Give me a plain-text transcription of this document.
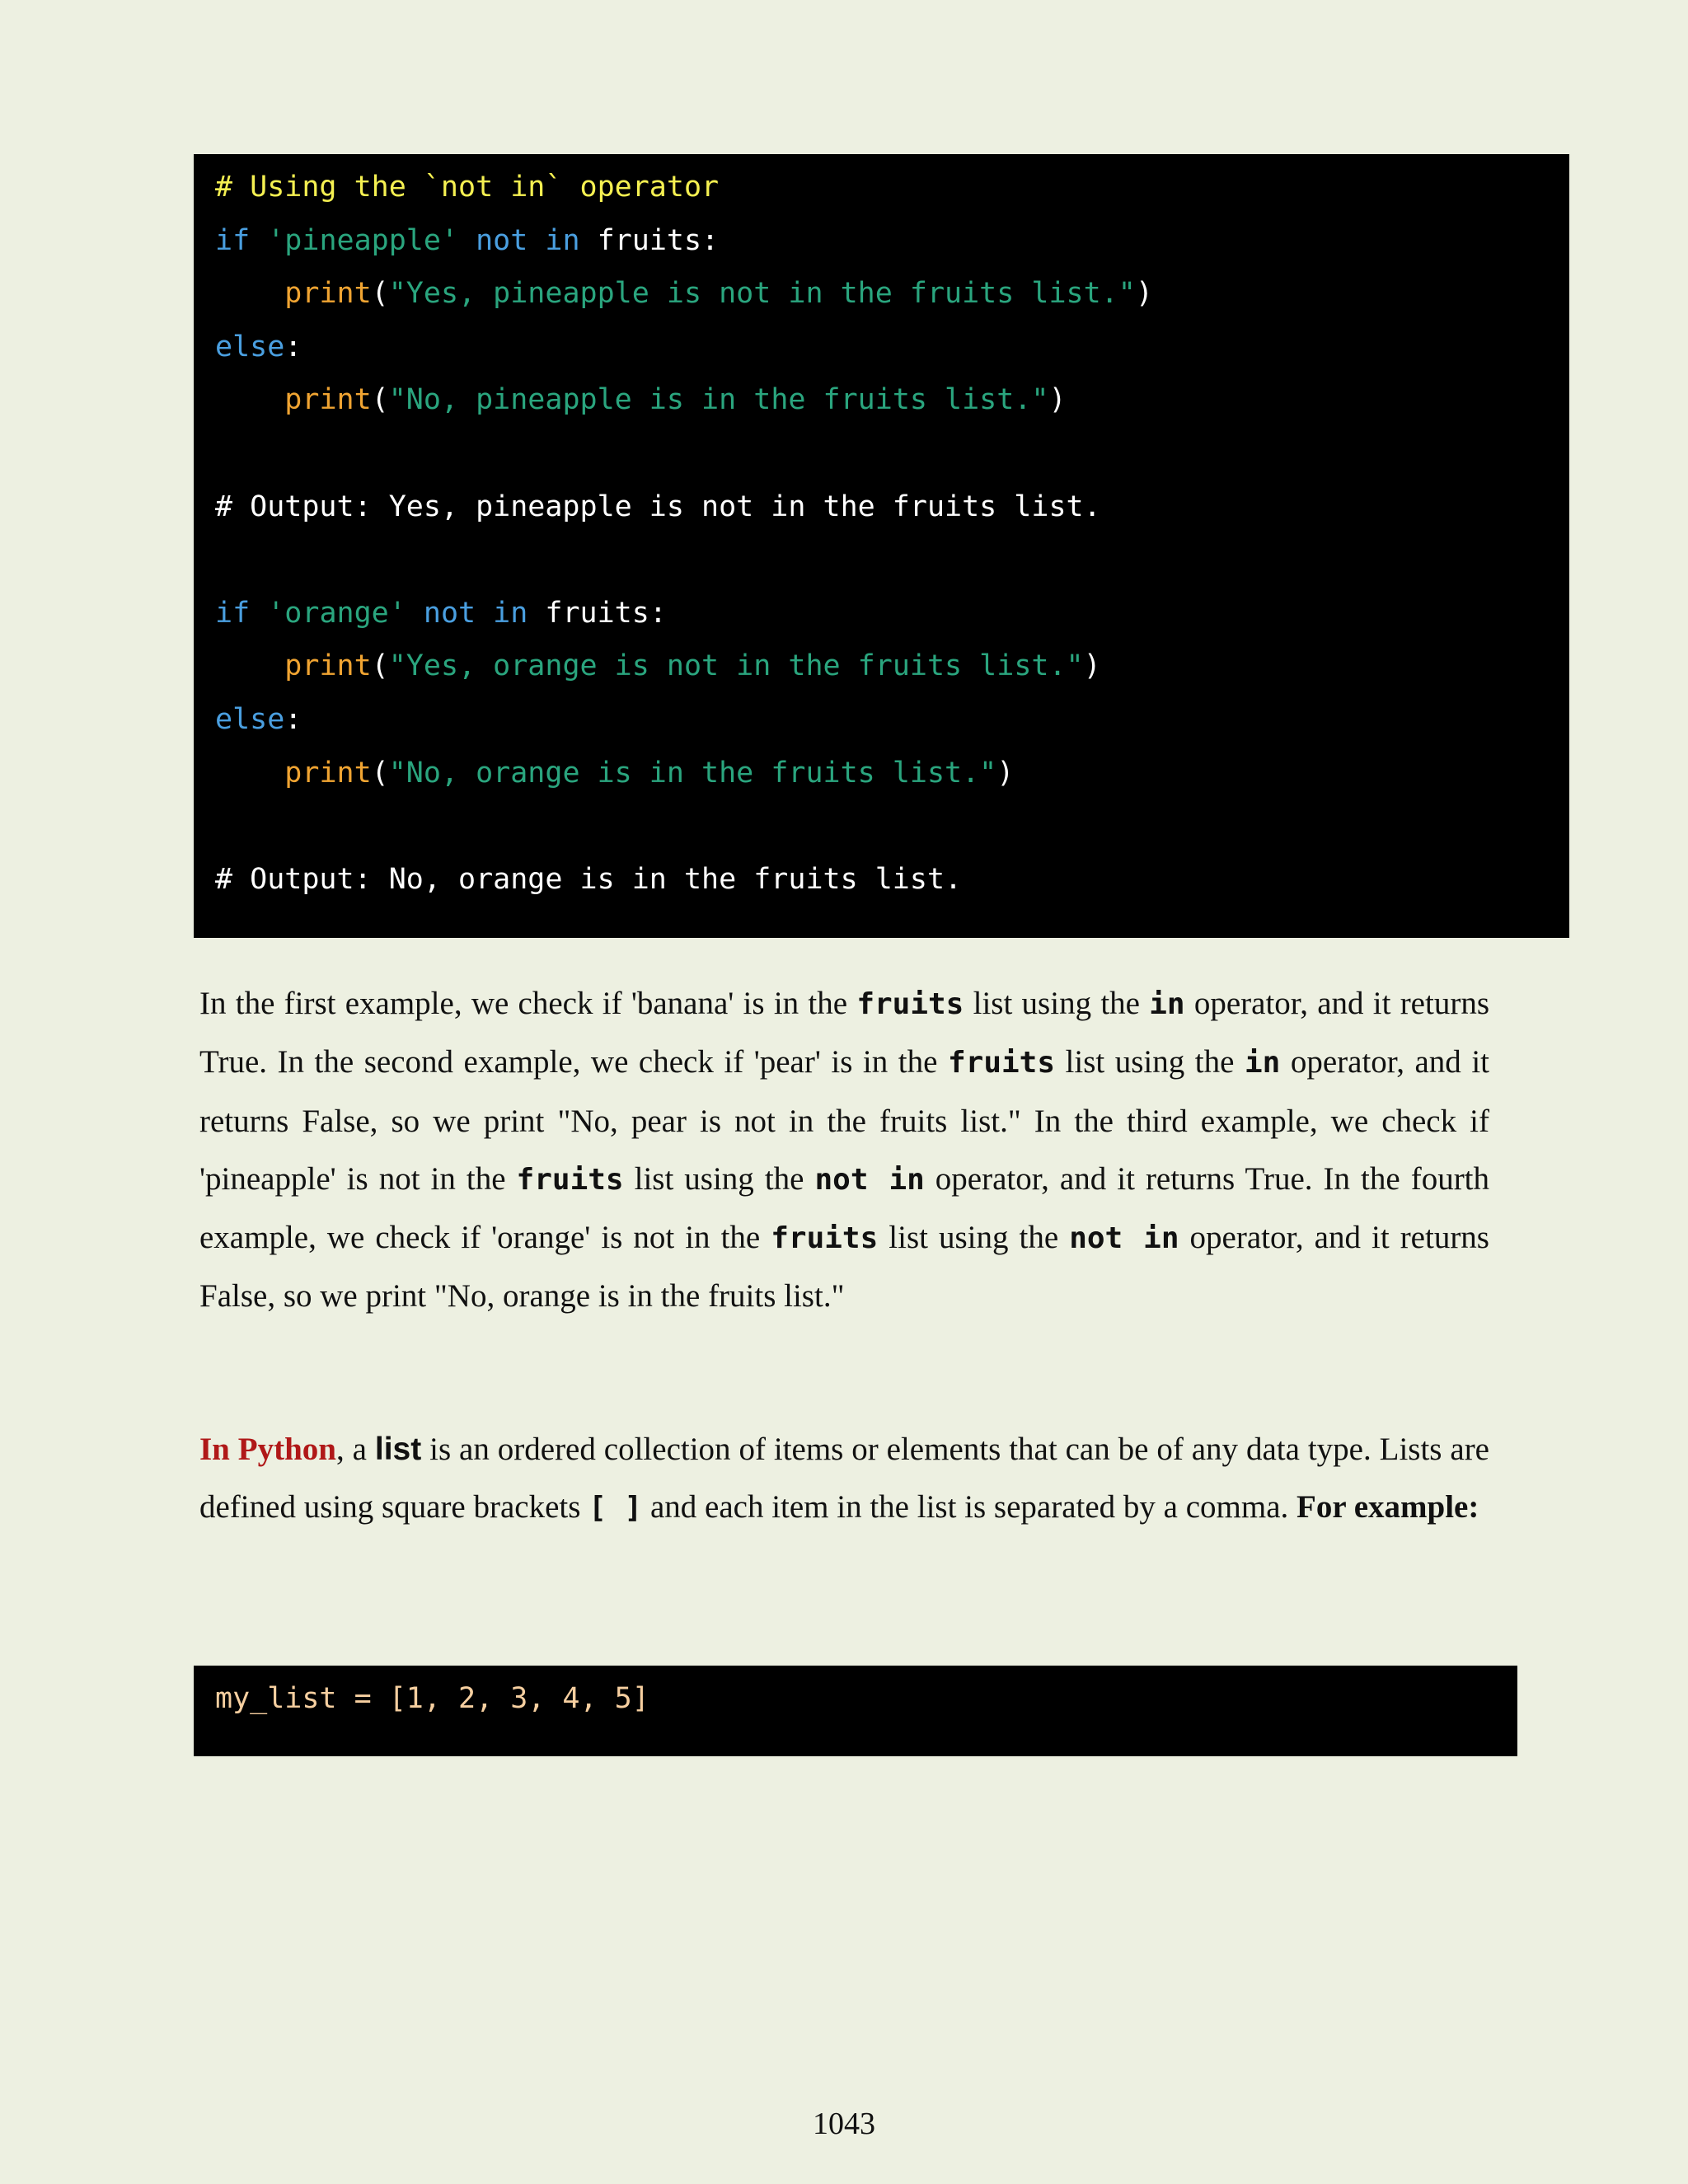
# Using the `not in` operator
if 'pineapple' not in fruits:
print("Yes, pineapple is not in the fruits list.")
else:
print("No, pineapple is in the fruits list.")
# Output: Yes, pineapple is not in the fruits list.
if 'orange' not in fruits:
print("Yes, orange is not in the fruits list.")
else:
print("No, orange is in the fruits list.")
# Output: No, orange is in the fruits list.

In the first example, we check if 'banana' is in the fruits list using the in operator, and it returns True. In the second example, we check if 'pear' is in the fruits list using the in operator, and it returns False, so we print "No, pear is not in the fruits list." In the third example, we check if 'pineapple' is not in the fruits list using the not in operator, and it returns True. In the fourth example, we check if 'orange' is not in the fruits list using the not in operator, and it returns False, so we print "No, orange is in the fruits list."

In Python, a list is an ordered collection of items or elements that can be of any data type. Lists are defined using square brackets [ ] and each item in the list is separated by a comma. For example:

my_list = [1, 2, 3, 4, 5]
1043
